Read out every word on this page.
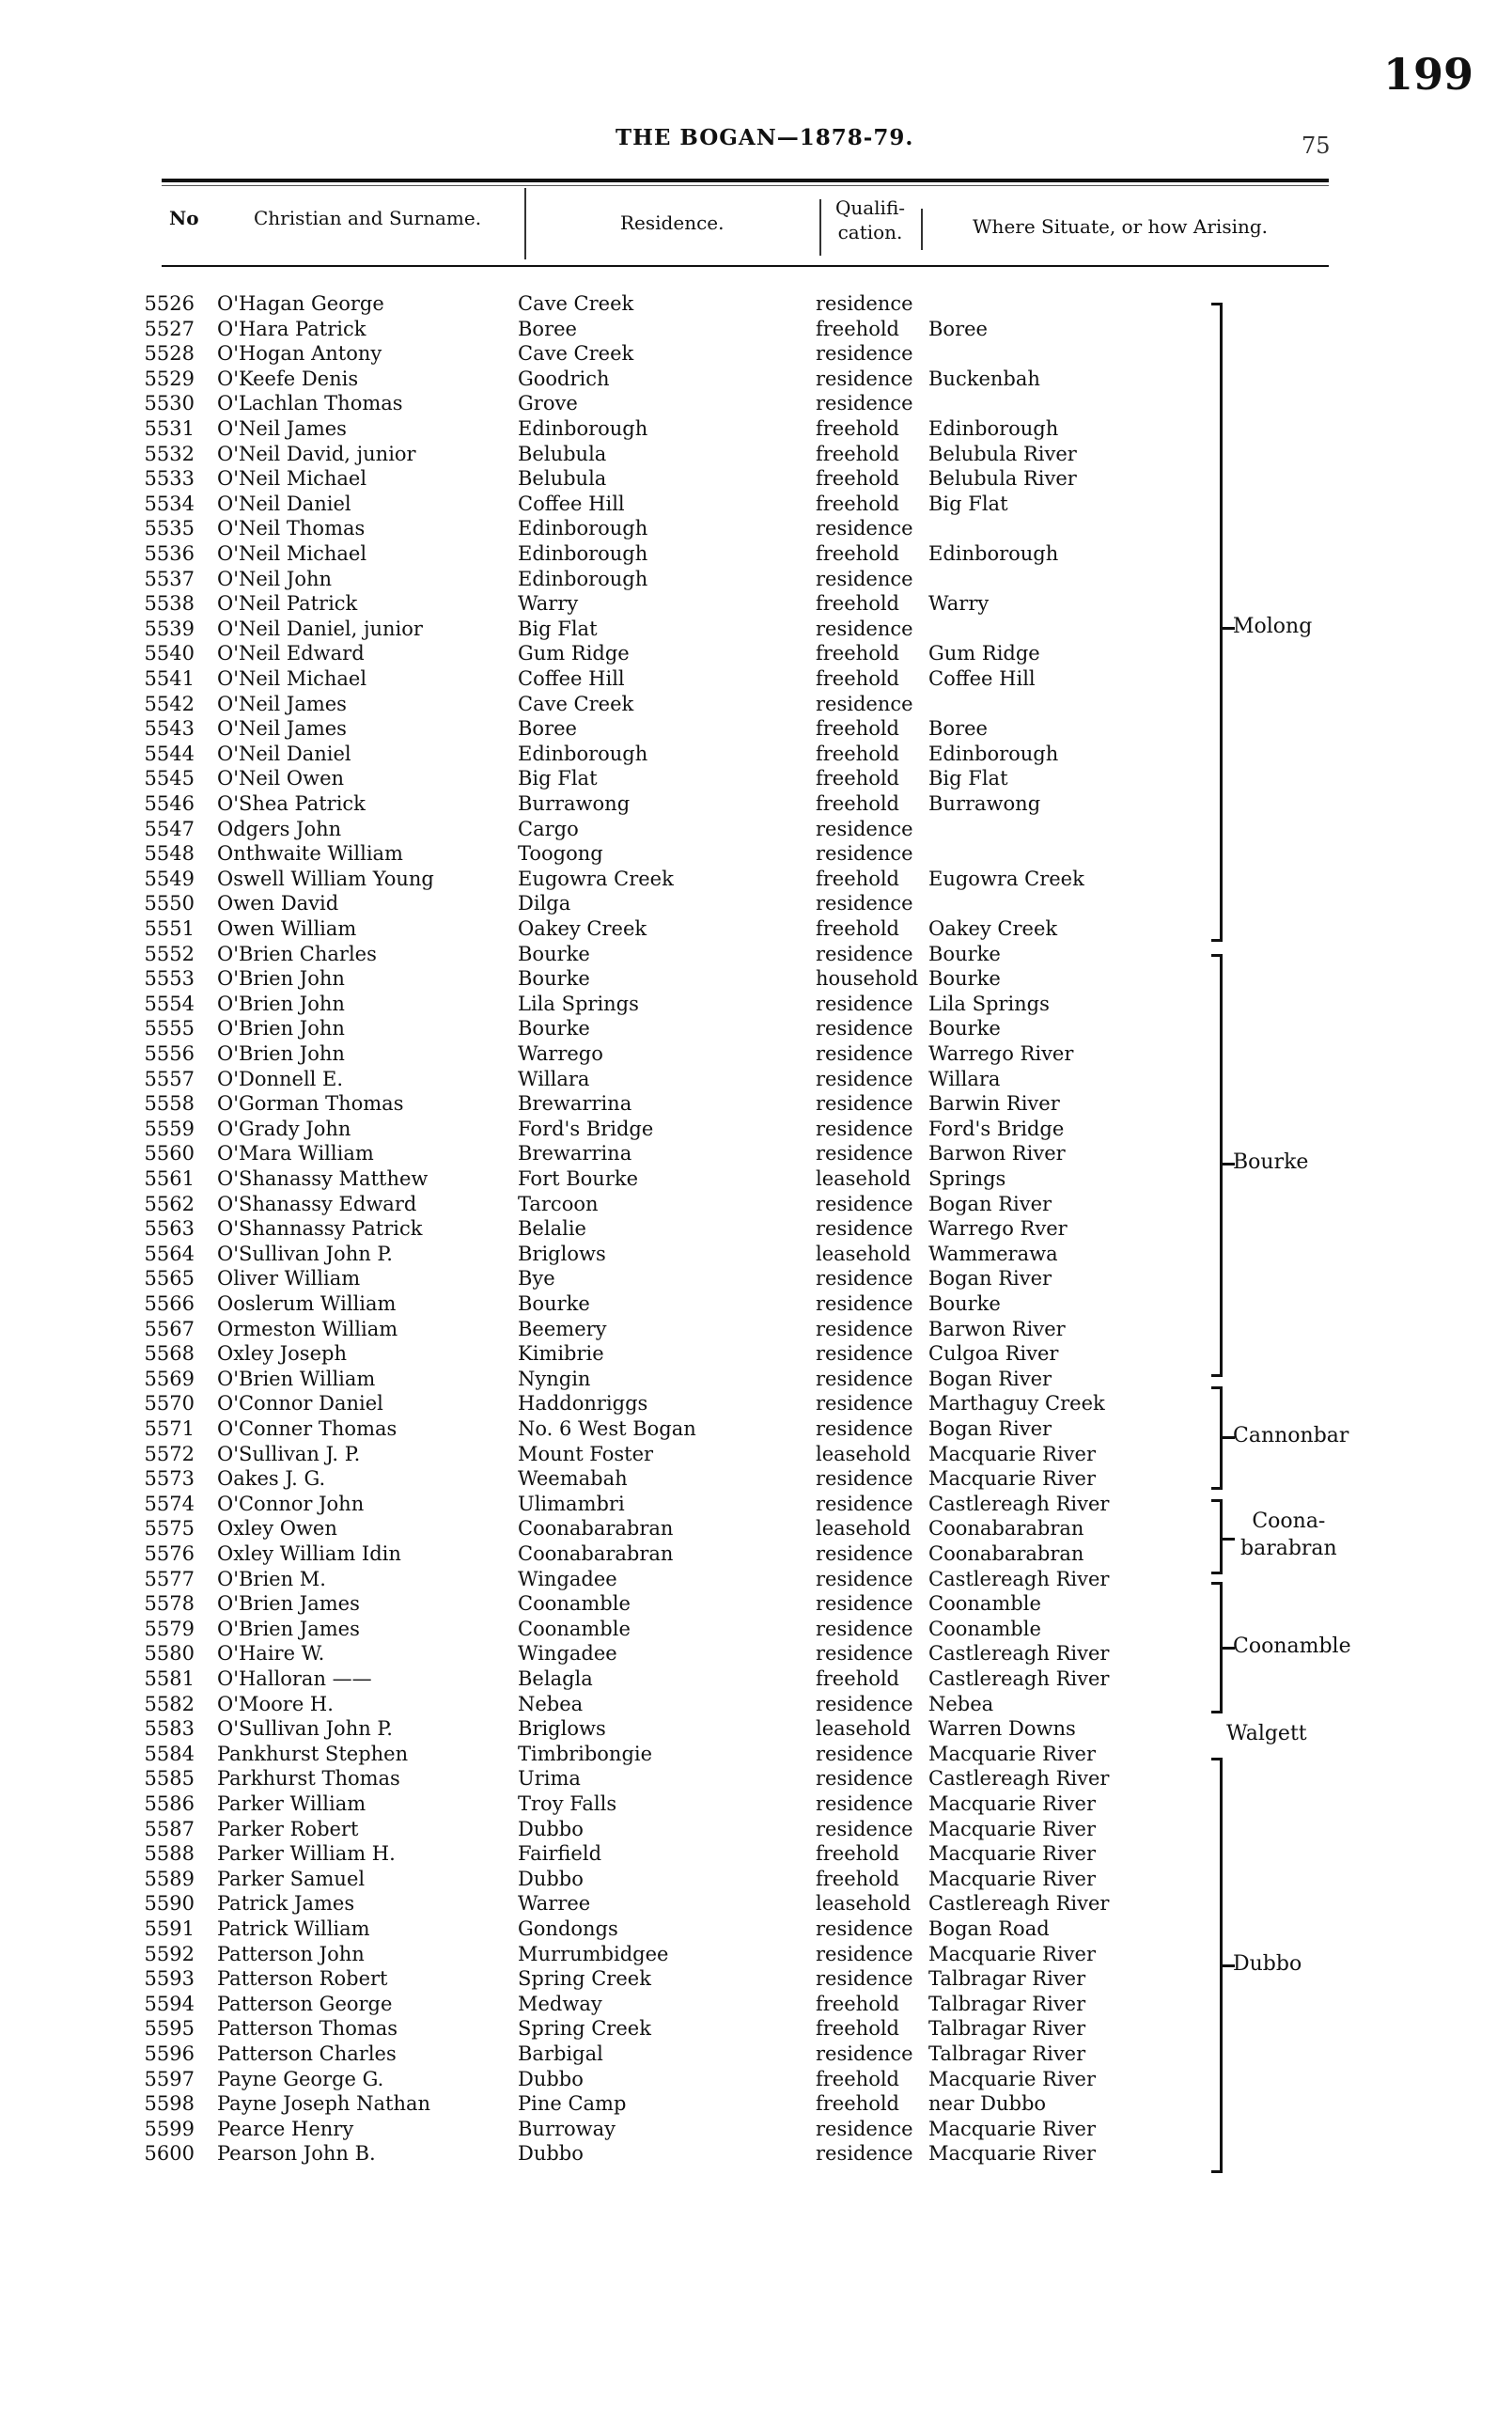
199
THE BOGAN—1878-79.	75
No	Christian and Surname.	Residence.
Qualifi-
cation.	Where Situate, or how Arising.
5526 O'Hagan George	Cave Creek	residence
5527 O'Hara Patrick	Boree	freehold Boree
5528 O'Hogan Antony	Cave Creek	residence
5529 O'Keefe Denis	Goodrich	residence Buckenbah
5530 O'Lachlan Thomas	Grove	residence
5531 O'Neil James	Edinborough	freehold Edinborough
5532 O'Neil David, junior	Belubula	freehold Belubula River
5533 O'Neil Michael	Belubula	freehold Belubula River
5534 O'Neil Daniel	Coffee Hill	freehold Big Flat
5535 O'Neil Thomas	Edinborough	residence
5536 O'Neil Michael	Edinborough	freehold Edinborough
5537 O'Neil John	Edinborough	residence
5538 O'Neil Patrick	Warry	freehold Warry
5539 O'Neil Daniel, junior	Big Flat	residence
5540 O'Neil Edward	Gum Ridge	freehold Gum Ridge
5541 O'Neil Michael	Coffee Hill	freehold Coffee Hill
5542 O'Neil James	Cave Creek	residence
5543 O'Neil James	Boree	freehold Boree
5544 O'Neil Daniel	Edinborough	freehold Edinborough
5545 O'Neil Owen	Big Flat	freehold Big Flat
5546 O'Shea Patrick	Burrawong	freehold Burrawong
5547 Odgers John	Cargo	residence
5548 Onthwaite William	Toogong	residence
5549 Oswell William Young	Eugowra Creek	freehold Eugowra Creek
5550 Owen David	Dilga	residence
5551 Owen William	Oakey Creek	freehold Oakey Creek
5552 O'Brien Charles	Bourke	residence Bourke
5553 O'Brien John	Bourke	household Bourke
5554 O'Brien John	Lila Springs	residence Lila Springs
5555 O'Brien John	Bourke	residence Bourke
5556 O'Brien John	Warrego	residence Warrego River
5557 O'Donnell E.	Willara	residence Willara
5558 O'Gorman Thomas	Brewarrina	residence Barwin River
5559 O'Grady John	Ford's Bridge	residence Ford's Bridge
5560 O'Mara William	Brewarrina	residence Barwon River
5561 O'Shanassy Matthew	Fort Bourke	leasehold Springs
5562 O'Shanassy Edward	Tarcoon	residence Bogan River
5563 O'Shannassy Patrick	Belalie	residence Warrego Rver
5564 O'Sullivan John P.	Briglows	leasehold Wammerawa
5565 Oliver William	Bye	residence Bogan River
5566 Ooslerum William	Bourke	residence Bourke
5567 Ormeston William	Beemery	residence Barwon River
5568 Oxley Joseph	Kimibrie	residence Culgoa River
5569 O'Brien William	Nyngin	residence Bogan River
5570 O'Connor Daniel	Haddonriggs	residence Marthaguy Creek
5571 O'Conner Thomas	No. 6 West Bogan	residence Bogan River
5572 O'Sullivan J. P.	Mount Foster	leasehold Macquarie River
5573 Oakes J. G.	Weemabah	residence Macquarie River
5574 O'Connor John	Ulimambri	residence Castlereagh River
5575 Oxley Owen	Coonabarabran	leasehold Coonabarabran
5576 Oxley William Idin	Coonabarabran	residence Coonabarabran
5577 O'Brien M.	Wingadee	residence Castlereagh River
5578 O'Brien James	Coonamble	residence Coonamble
5579 O'Brien James	Coonamble	residence Coonamble
5580 O'Haire W.	Wingadee	residence Castlereagh River
5581 O'Halloran ——	Belagla	freehold Castlereagh River
5582 O'Moore H.	Nebea	residence Nebea
5583 O'Sullivan John P.	Briglows	leasehold Warren Downs
5584 Pankhurst Stephen	Timbribongie	residence Macquarie River
5585 Parkhurst Thomas	Urima	residence Castlereagh River
5586 Parker William	Troy Falls	residence Macquarie River
5587 Parker Robert	Dubbo	residence Macquarie River
5588 Parker William H.	Fairfield	freehold Macquarie River
5589 Parker Samuel	Dubbo	freehold Macquarie River
5590 Patrick James	Warree	leasehold Castlereagh River
5591 Patrick William	Gondongs	residence Bogan Road
5592 Patterson John	Murrumbidgee	residence Macquarie River
5593 Patterson Robert	Spring Creek	residence Talbragar River
5594 Patterson George	Medway	freehold Talbragar River
5595 Patterson Thomas	Spring Creek	freehold Talbragar River
5596 Patterson Charles	Barbigal	residence Talbragar River
5597 Payne George G.	Dubbo	freehold Macquarie River
5598 Payne Joseph Nathan	Pine Camp	freehold near Dubbo
5599 Pearce Henry	Burroway	residence Macquarie River
5600 Pearson John B.	Dubbo	residence Macquarie River
Molong
Bourke
Cannonbar
Coona-
barabran
Coonamble
Walgett
Dubbo
